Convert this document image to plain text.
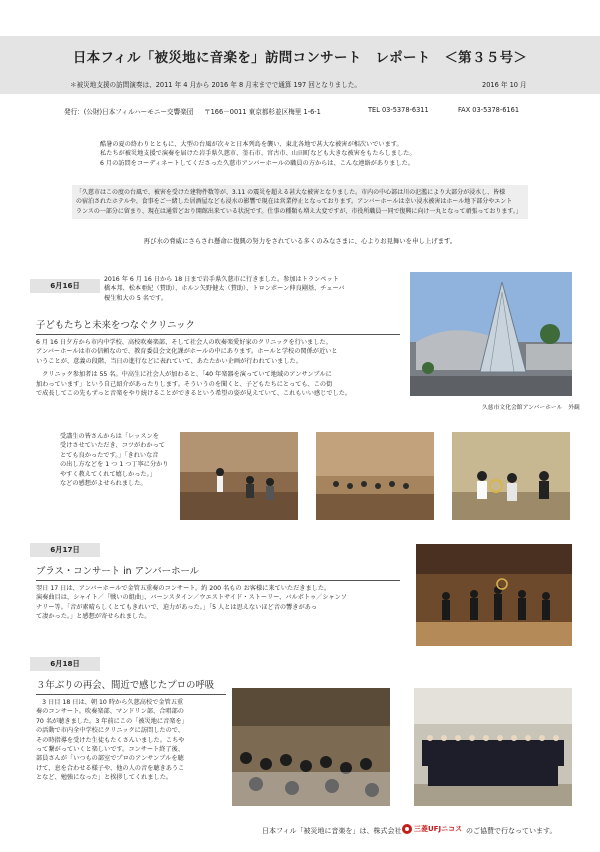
日本フィル「被災地に音楽を」訪問コンサート　レポート　＜第３５号＞
＊被災地支援の訪問演奏は、2011 年 4 月から 2016 年 8 月末までで通算 197 回となりました。	2016 年 10 月
発行：(公財)日本フィルハーモニー交響楽団 〒166－0011 東京都杉並区梅里 1-6-1	TEL 03-5378-6311	FAX 03-5378-6161

酷暑の夏の終わりとともに、大型の台風が次々と日本列島を襲い、東北各地で甚大な被害が相次いでいます。

私たちが被災地支援で演奏を届けた岩手県久慈市、釜石市、宮古市、山田町なども大きな被害をもたらしました。

6 月の訪問をコーディネートしてくださった久慈市アンバーホールの職員の方からは、こんな連絡がありました。

「久慈市はこの度の台風で、被害を受けた建物件数等が、3.11 の震災を超える甚大な被害となりました。市内の中心部は川の氾濫により大部分が浸水し、皆様

の宿泊されたホテルや、食事をご一緒した居酒屋なども浸水の影響で現在は営業停止となっております。アンバーホールは幸い浸水被害はホール地下部分やエント

ランスの一部分に留まり、現在は通常どおり開館出来ている状況です。仕事の種類も増え大変ですが、市役所職員一同で復興に向け一丸となって頑張っております。」

再び水の脅威にさらされ懸命に復興の努力をされている多くのみなさまに、心よりお見舞いを申し上げます。
6月16日

2016 年 6 月 16 日から 18 日まで岩手県久慈市に行きました。参加はトランペット

橋本邦、松本亜紀（賛助）、ホルン矢野健太（賛助）、トロンボーン伸良剛基、チューバ

榎生和大の 5 名です。

子どもたちと未来をつなぐクリニック

6 月 16 日夕方から市内中学校、高校吹奏楽部、そして社会人の吹奏楽愛好家のクリニックを行いました。

アンバーホールは市の信頼なので、教育委員会文化課がホールの中にあります。ホールと学校の関係が近いと

いうことが、意義の段階、当日の進行などに表れていて、あたたかい企画が行われていました。

　クリニック参加者は 55 名。中高生に社会人が加わると、「40 年楽器を演っていて地域のアンサンブルに

加わっています」という自己紹介があったりします。そういうのを聞くと、子どもたちにとっても、この街

で成長してこの先もずっと音楽をやり続けることができるという希望の姿が見えていて、これもいい感じでした。

久慈市文化会館アンバーホール　外観

受講生の皆さんからは「レッスンを

受けさせていただき、コツがわかって

とても良かったです。」「きれいな音

の出し方などを 1 つ 1 つ丁寧に分かり

やすく教えてくれて嬉しかった。」

などの感想がよせられました。

6月17日
ブラス・コンサート in アンバーホール

翌日 17 日は、アンバーホールで金管五重奏のコンサート。約 200 名もの お客様に来ていただきました。

演奏曲目は、シャイト／「戦いの組曲」、バーンスタイン／ウエストサイド・ストーリー、バルボトゥ／シャンソ

ナリー等。「音が素晴らしくとてもきれいで、迫力があった。」「5 人とは思えないほど音の響きがあっ

て凄かった。」と感想が寄せられました。

6月18日
３年ぶりの再会、間近で感じたプロの呼吸

　3 日目 18 日は、朝 10 時から久慈高校で金管五重

奏のコンサート。吹奏楽部、マンドリン部、合唱部の

70 名が聴きました。3 年前にこの「被災地に音楽を」

の活動で市内全中学校にクリニックに訪問したので、

その時指導を受けた生徒もたくさんいました。こちや

って繋がっていくと楽しいです。コンサート終了後、

部員さんが「いつもの部室でプロのアンサンブルを聴

けて、息を合わせる様子や、他の人の音を聴きあうこ

となど、勉強になった」と挨拶してくれました。

日本フィル「被災地に音楽を」は、株式会社 三菱UFJニコス のご協賛で行なっています。
